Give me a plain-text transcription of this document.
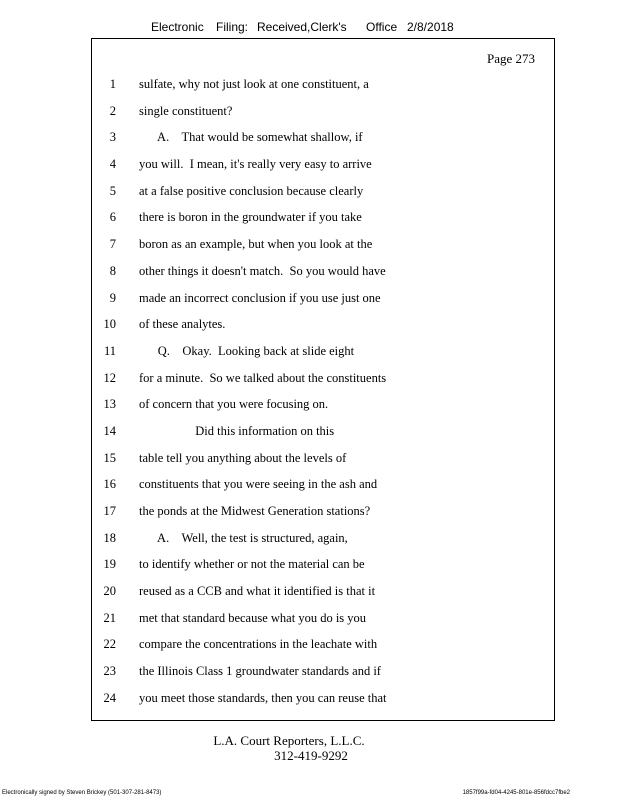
Electronic Filing: Received,Clerk's Office 2/8/2018
Page 273
1 sulfate, why not just look at one constituent, a
2 single constituent?
3 A.    That would be somewhat shallow, if
4 you will.  I mean, it's really very easy to arrive
5 at a false positive conclusion because clearly
6 there is boron in the groundwater if you take
7 boron as an example, but when you look at the
8 other things it doesn't match.  So you would have
9 made an incorrect conclusion if you use just one
10 of these analytes.
11 Q.    Okay.  Looking back at slide eight
12 for a minute.  So we talked about the constituents
13 of concern that you were focusing on.
14 Did this information on this
15 table tell you anything about the levels of
16 constituents that you were seeing in the ash and
17 the ponds at the Midwest Generation stations?
18 A.    Well, the test is structured, again,
19 to identify whether or not the material can be
20 reused as a CCB and what it identified is that it
21 met that standard because what you do is you
22 compare the concentrations in the leachate with
23 the Illinois Class 1 groundwater standards and if
24 you meet those standards, then you can reuse that
L.A. Court Reporters, L.L.C.
312-419-9292
Electronically signed by Steven Brickey (501-307-281-8473)	1857f99a-fd04-4245-801e-856fdcc7fbe2
